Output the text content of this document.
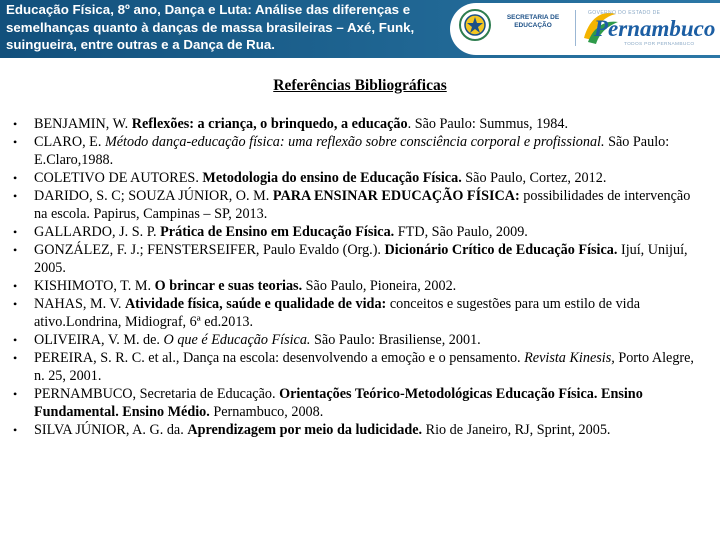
Educação Física, 8º ano, Dança e Luta: Análise das diferenças e semelhanças quanto à danças de massa brasileiras – Axé, Funk, suingueira, entre outras e a Dança de Rua.
SECRETARIA DE EDUCAÇÃO
GOVERNO DO ESTADO DE
Pernambuco
TODOS POR PERNAMBUCO
Referências Bibliográficas
• BENJAMIN, W. Reflexões: a criança, o brinquedo, a educação. São Paulo: Summus, 1984.
• CLARO, E. Método dança-educação física: uma reflexão sobre consciência corporal e profissional. São Paulo: E.Claro,1988.
• COLETIVO DE AUTORES. Metodologia do ensino de Educação Física. São Paulo, Cortez, 2012.
• DARIDO, S. C; SOUZA JÚNIOR, O. M. PARA ENSINAR EDUCAÇÃO FÍSICA: possibilidades de intervenção na escola. Papirus, Campinas – SP, 2013.
• GALLARDO, J. S. P. Prática de Ensino em Educação Física. FTD, São Paulo, 2009.
• GONZÁLEZ, F. J.; FENSTERSEIFER, Paulo Evaldo (Org.). Dicionário Crítico de Educação Física. Ijuí, Unijuí, 2005.
• KISHIMOTO, T. M. O brincar e suas teorias. São Paulo, Pioneira, 2002.
• NAHAS, M. V. Atividade física, saúde e qualidade de vida: conceitos e sugestões para um estilo de vida ativo.Londrina, Midiograf, 6ª ed.2013.
• OLIVEIRA, V. M. de. O que é Educação Física. São Paulo: Brasiliense, 2001.
• PEREIRA, S. R. C. et al., Dança na escola: desenvolvendo a emoção e o pensamento. Revista Kinesis, Porto Alegre, n. 25, 2001.
• PERNAMBUCO, Secretaria de Educação. Orientações Teórico-Metodológicas Educação Física. Ensino Fundamental. Ensino Médio. Pernambuco, 2008.
• SILVA JÚNIOR, A. G. da. Aprendizagem por meio da ludicidade. Rio de Janeiro, RJ, Sprint, 2005.
